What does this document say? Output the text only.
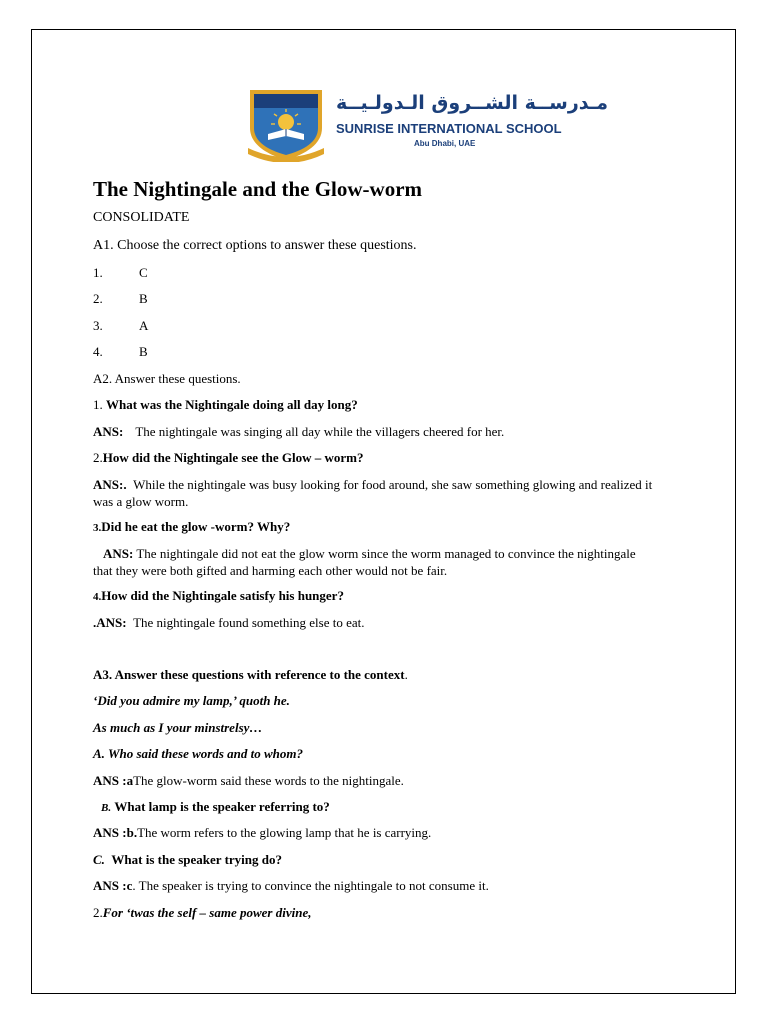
مـدرســة الشــروق الـدولـيــة
SUNRISE INTERNATIONAL SCHOOL
Abu Dhabi, UAE
The Nightingale and the Glow-worm
CONSOLIDATE
A1. Choose the correct options to answer these questions.
1.	C
2.	B
3.	A
4.	B
A2. Answer these questions.
1. What was the Nightingale doing all day long?
ANS: The nightingale was singing all day while the villagers cheered for her.
2.How did the Nightingale see the Glow – worm?
ANS:. While the nightingale was busy looking for food around, she saw something glowing and realized it was a glow worm.
3.Did he eat the glow -worm? Why?
ANS: The nightingale did not eat the glow worm since the worm managed to convince the nightingale that they were both gifted and harming each other would not be fair.
4.How did the Nightingale satisfy his hunger?
.ANS: The nightingale found something else to eat.
A3. Answer these questions with reference to the context.
‘Did you admire my lamp,’ quoth he.
As much as I your minstrelsy…
A. Who said these words and to whom?
ANS :aThe glow-worm said these words to the nightingale.
B. What lamp is the speaker referring to?
ANS :b.The worm refers to the glowing lamp that he is carrying.
C. What is the speaker trying do?
ANS :c. The speaker is trying to convince the nightingale to not consume it.
2.For ‘twas the self – same power divine,
